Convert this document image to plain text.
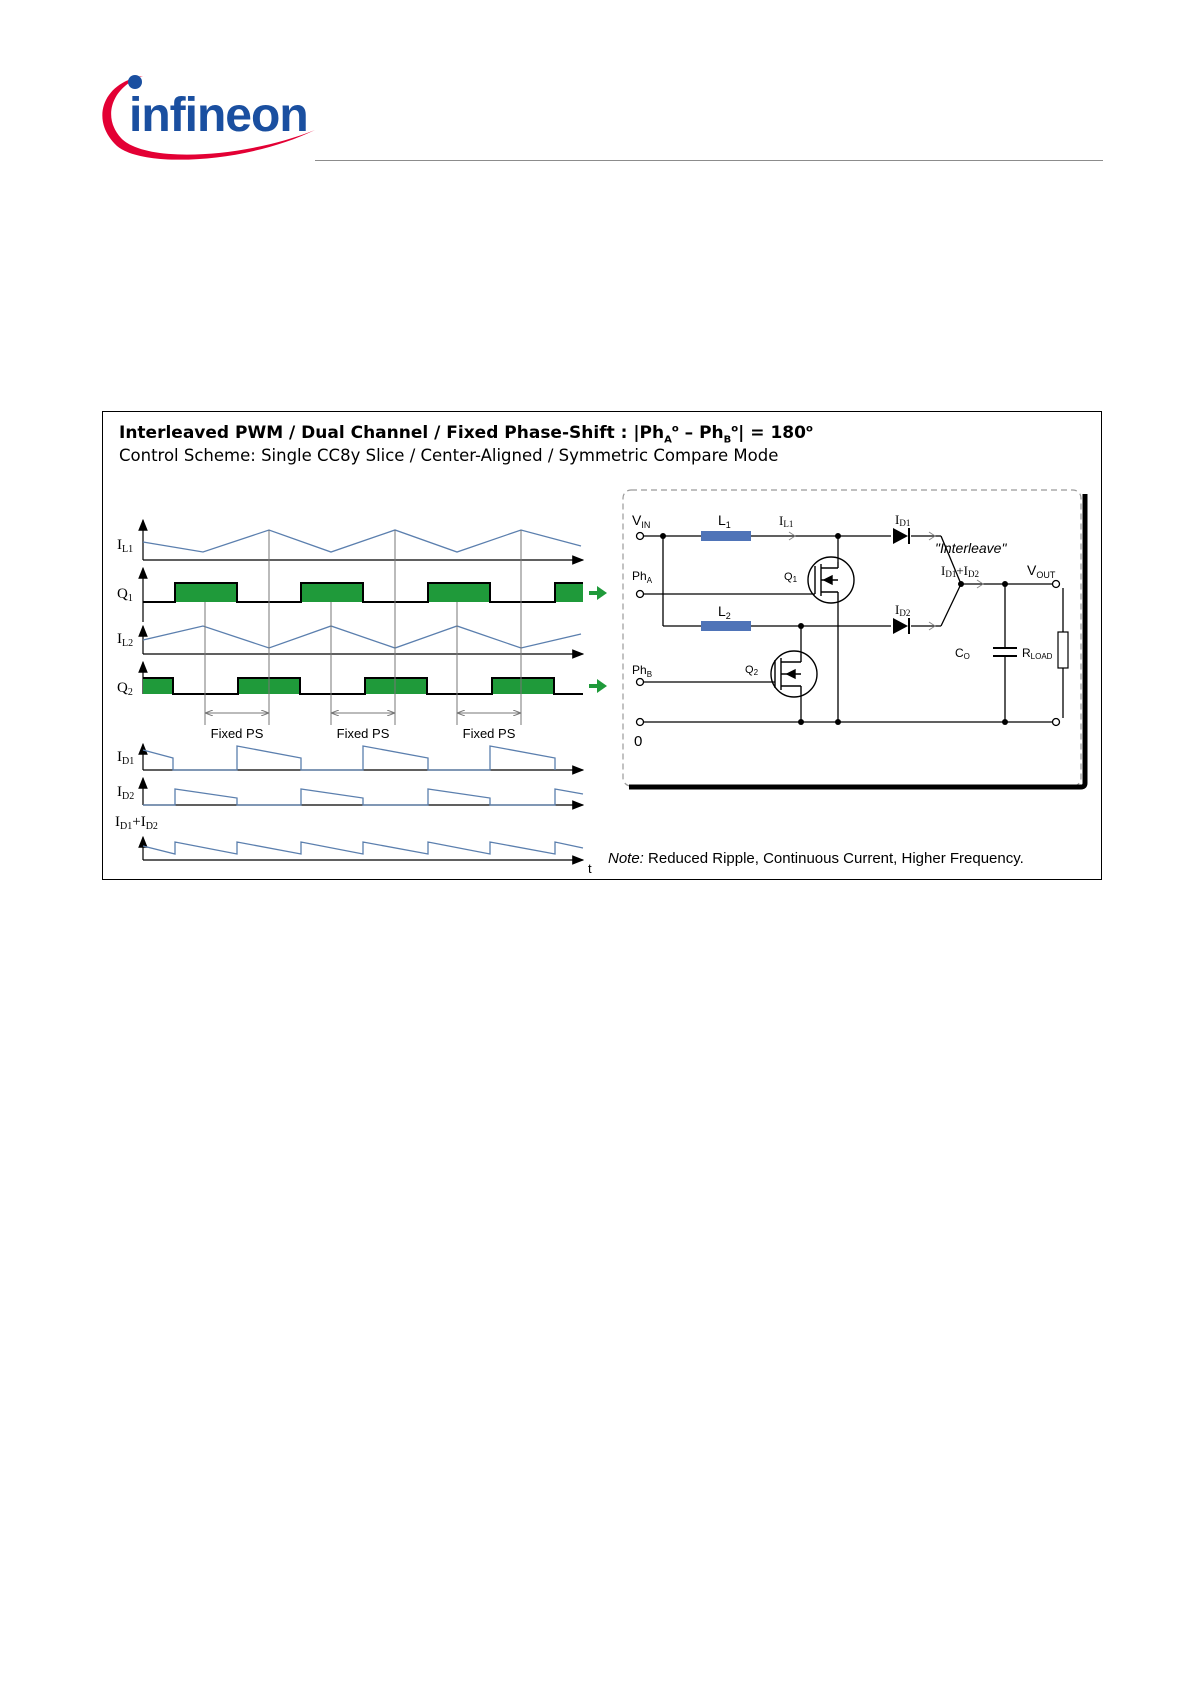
infineon
Interleaved PWM / Dual Channel / Fixed Phase-Shift : $|Ph_A^o - Ph_B^o| = 180^o$
Control Scheme: Single CC8y Slice / Center-Aligned / Symmetric Compare Mode
Fixed PS	Fixed PS	Fixed PS
$I_{L1}$
$Q_1$
$I_{L2}$
$Q_2$
$I_{D1}$
$I_{D2}$
$I_{D1}+I_{D2}$
t
$V_{IN}$
$Ph_A$
$Ph_B$
0
$L_1$
$L_2$
IL1	ID1
ID2
Q1
Q2
"Interleave"
ID1+ID2	$V_{OUT}$
CO	RLOAD
Note: Reduced Ripple, Continuous Current, Higher Frequency.
